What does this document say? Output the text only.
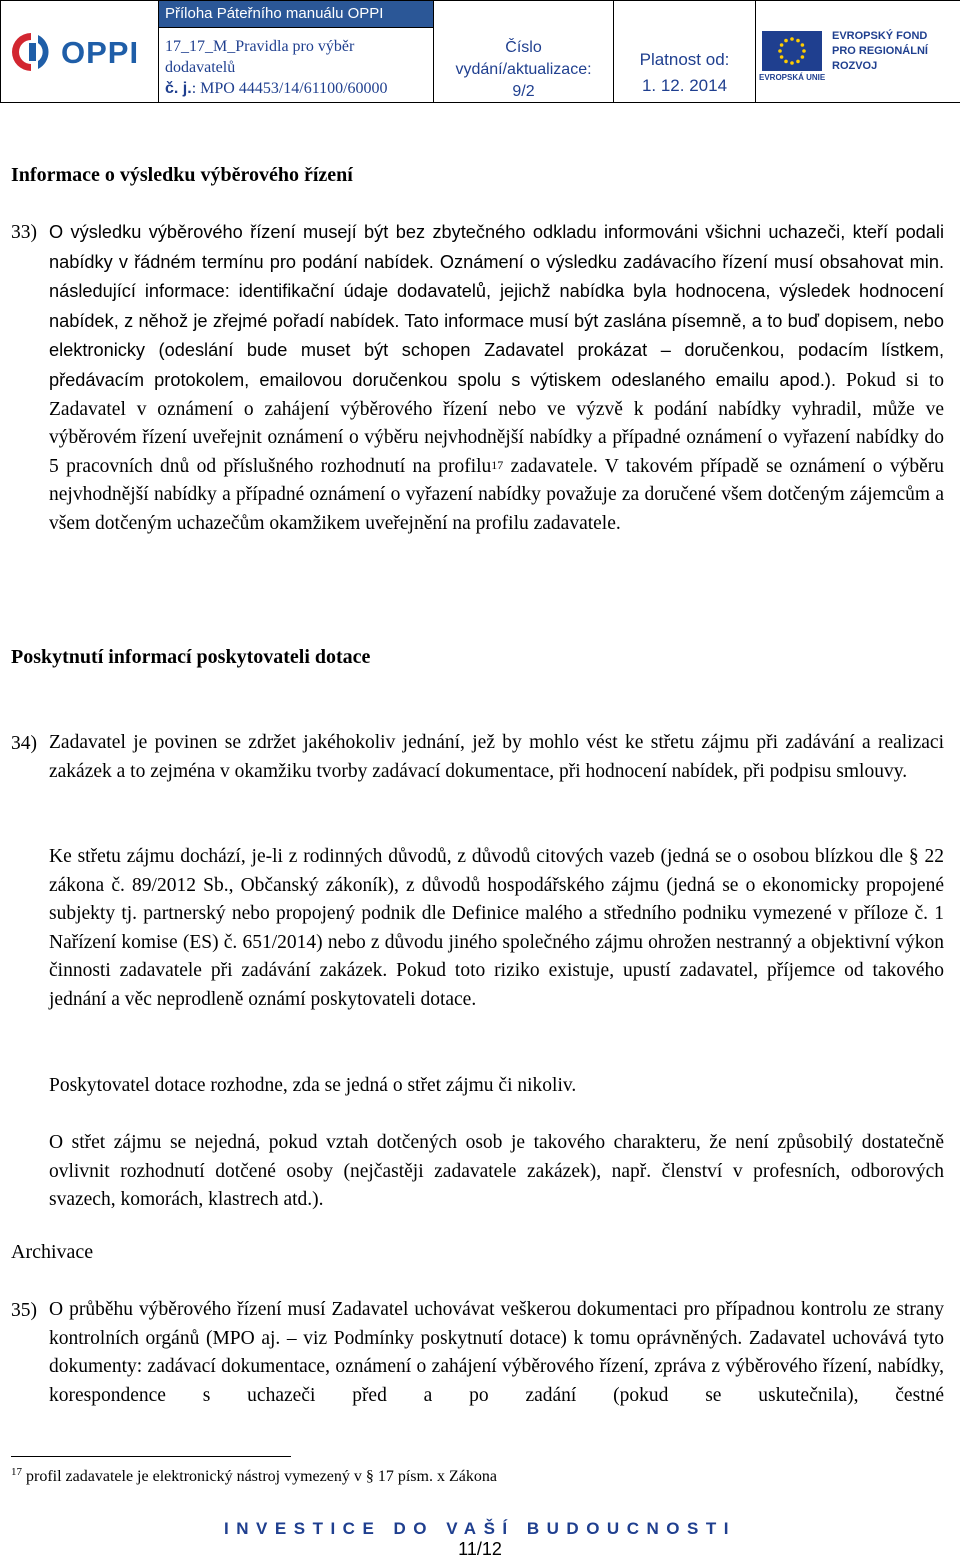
OPPI

Příloha Páteřního manuálu OPPI
17_17_M_Pravidla pro výběr
dodavatelů
č. j.: MPO 44453/14/61100/60000

Číslo
vydání/aktualizace:
9/2

Platnost od:
1. 12. 2014	EVROPSKÁ UNIE
EVROPSKÝ FOND
PRO REGIONÁLNÍ
ROZVOJ
Informace o výsledku výběrového řízení
33) O výsledku výběrového řízení musejí být bez zbytečného odkladu informováni všichni uchazeči, kteří podali nabídky v řádném termínu pro podání nabídek. Oznámení o výsledku zadávacího řízení musí obsahovat min. následující informace: identifikační údaje dodavatelů, jejichž nabídka byla hodnocena, výsledek hodnocení nabídek, z něhož je zřejmé pořadí nabídek. Tato informace musí být zaslána písemně, a to buď dopisem, nebo elektronicky (odeslání bude muset být schopen Zadavatel prokázat – doručenkou, podacím lístkem, předávacím protokolem, emailovou doručenkou spolu s výtiskem odeslaného emailu apod.). Pokud si to Zadavatel v oznámení o zahájení výběrového řízení nebo ve výzvě k podání nabídky vyhradil, může ve výběrovém řízení uveřejnit oznámení o výběru nejvhodnější nabídky a případné oznámení o vyřazení nabídky do 5 pracovních dnů od příslušného rozhodnutí na profilu$^{17}$ zadavatele. V takovém případě se oznámení o výběru nejvhodnější nabídky a případné oznámení o vyřazení nabídky považuje za doručené všem dotčeným zájemcům a všem dotčeným uchazečům okamžikem uveřejnění na profilu zadavatele.

Poskytnutí informací poskytovateli dotace
34) Zadavatel je povinen se zdržet jakéhokoliv jednání, jež by mohlo vést ke střetu zájmu při zadávání a realizaci zakázek a to zejména v okamžiku tvorby zadávací dokumentace, při hodnocení nabídek, při podpisu smlouvy.

Ke střetu zájmu dochází, je-li z rodinných důvodů, z důvodů citových vazeb (jedná se o osobou blízkou dle § 22 zákona č. 89/2012 Sb., Občanský zákoník), z důvodů hospodářského zájmu (jedná se o ekonomicky propojené subjekty tj. partnerský nebo propojený podnik dle Definice malého a středního podniku vymezené v příloze č. 1 Nařízení komise (ES) č. 651/2014) nebo z důvodu jiného společného zájmu ohrožen nestranný a objektivní výkon činnosti zadavatele při zadávání zakázek. Pokud toto riziko existuje, upustí zadavatel, příjemce od takového jednání a věc neprodleně oznámí poskytovateli dotace.

Poskytovatel dotace rozhodne, zda se jedná o střet zájmu či nikoliv.

O střet zájmu se nejedná, pokud vztah dotčených osob je takového charakteru, že není způsobilý dostatečně ovlivnit rozhodnutí dotčené osoby (nejčastěji zadavatele zakázek), např. členství v profesních, odborových svazech, komorách, klastrech atd.).

Archivace
35) O průběhu výběrového řízení musí Zadavatel uchovávat veškerou dokumentaci pro případnou kontrolu ze strany kontrolních orgánů (MPO aj. – viz Podmínky poskytnutí dotace) k tomu oprávněných. Zadavatel uchovává tyto dokumenty: zadávací dokumentace, oznámení o zahájení výběrového řízení, zpráva z výběrového řízení, nabídky, korespondence s uchazeči před a po zadání (pokud se uskutečnila), čestné

$^{17}$ profil zadavatele je elektronický nástroj vymezený v § 17 písm. x Zákona
INVESTICE DO VAŠÍ BUDOUCNOSTI
11/12
